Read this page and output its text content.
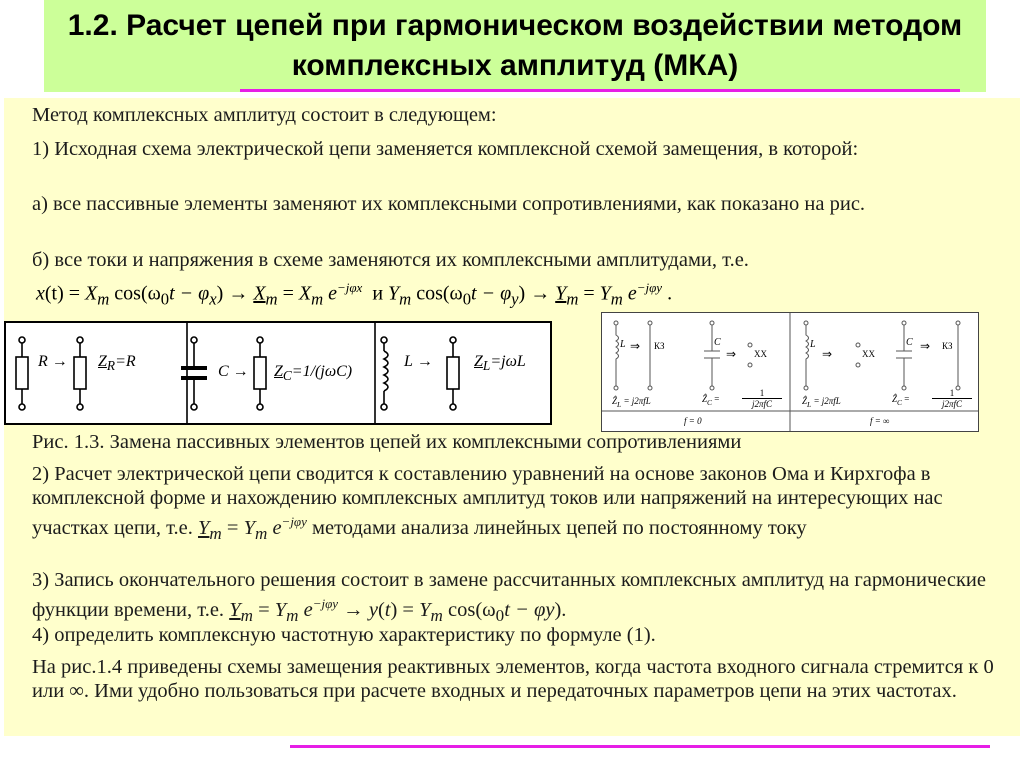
1.2. Расчет цепей при гармоническом воздействии методом комплексных амплитуд (МКА)

Метод комплексных амплитуд состоит в следующем:

1) Исходная схема электрической цепи заменяется комплексной схемой замещения, в которой:

а) все пассивные элементы заменяют их комплексными сопротивлениями, как показано на рис.

б) все токи и напряжения в схеме заменяются их комплексными амплитудами, т.е.

$x(t) = X_m$ $\cos(\omega_0t - \varphi_x) \to X_m = X_m$ $e^{-j\varphi x}$ и $Y_m$ $\cos(\omega_0t - \varphi_y) \to Y_m = Y_m$ $e^{-j\varphi y}$ .
$R \to Z_R=R$
$C \to Z_C=1/(j\omega C)$
L →	$Z_L=j\omega L$
L ⇒ КЗ	C
⇒ ХХ
Ẑ$_L$ = j2πfL	Ẑ$_C$ =
1
j2πfC
f = 0
L
⇒	ХХ
C ⇒ КЗ
Ẑ$_L$ = j2πfL	Ẑ$_C$ =
1
j2πfC
f = ∞

Рис. 1.3. Замена пассивных элементов цепей их комплексными сопротивлениями

2) Расчет электрической цепи сводится к составлению уравнений на основе законов Ома и Кирхгофа в комплексной форме и нахождению комплексных амплитуд токов или напряжений на интересующих нас участках цепи, т.е. $Y_m = Y_m$ $e^{-j\varphi y}$ методами анализа линейных цепей по постоянному току

3) Запись окончательного решения состоит в замене рассчитанных комплексных амплитуд на гармонические функции времени, т.е. $Y_m = Y_m$ $e^{-j\varphi y} \to y(t) = Y_m$ $\cos(\omega_0t - \varphi y)$.

4) определить комплексную частотную характеристику по формуле (1).

На рис.1.4 приведены схемы замещения реактивных элементов, когда частота входного сигнала стремится к 0 или ∞. Ими удобно пользоваться при расчете входных и передаточных параметров цепи на этих частотах.
